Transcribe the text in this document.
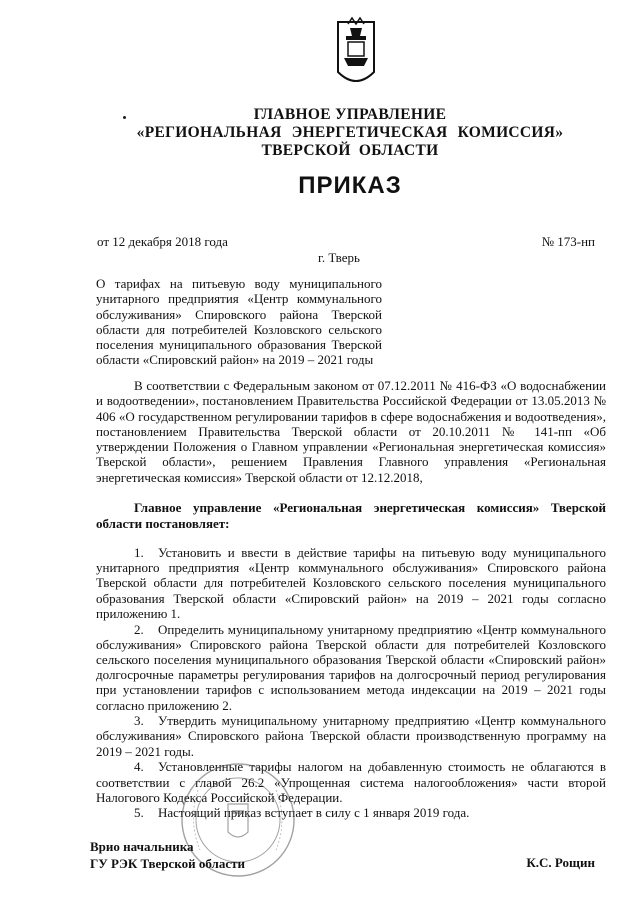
ГЛАВНОЕ УПРАВЛЕНИЕ
«РЕГИОНАЛЬНАЯ ЭНЕРГЕТИЧЕСКАЯ КОМИССИЯ»
ТВЕРСКОЙ ОБЛАСТИ
ПРИКАЗ
от 12 декабря 2018 года	№ 173-нп
г. Тверь

О тарифах на питьевую воду муниципального унитарного предприятия «Центр коммунального обслуживания» Спировского района Тверской области для потребителей Козловского сельского поселения муниципального образования Тверской области «Спировский район» на 2019 – 2021 годы

В соответствии с Федеральным законом от 07.12.2011 № 416-ФЗ «О водоснабжении и водоотведении», постановлением Правительства Российской Федерации от 13.05.2013 № 406 «О государственном регулировании тарифов в сфере водоснабжения и водоотведения», постановлением Правительства Тверской области от 20.10.2011 № 141-пп «Об утверждении Положения о Главном управлении «Региональная энергетическая комиссия» Тверской области», решением Правления Главного управления «Региональная энергетическая комиссия» Тверской области от 12.12.2018,
Главное управление «Региональная энергетическая комиссия» Тверской области постановляет:

1. Установить и ввести в действие тарифы на питьевую воду муниципального унитарного предприятия «Центр коммунального обслуживания» Спировского района Тверской области для потребителей Козловского сельского поселения муниципального образования Тверской области «Спировский район» на 2019 – 2021 годы согласно приложению 1.

2. Определить муниципальному унитарному предприятию «Центр коммунального обслуживания» Спировского района Тверской области для потребителей Козловского сельского поселения муниципального образования Тверской области «Спировский район» долгосрочные параметры регулирования тарифов на долгосрочный период регулирования при установлении тарифов с использованием метода индексации на 2019 – 2021 годы согласно приложению 2.

3. Утвердить муниципальному унитарному предприятию «Центр коммунального обслуживания» Спировского района Тверской области производственную программу на 2019 – 2021 годы.

4. Установленные тарифы налогом на добавленную стоимость не облагаются в соответствии с главой 26.2 «Упрощенная система налогообложения» части второй Налогового Кодекса Российской Федерации.

5. Настоящий приказ вступает в силу с 1 января 2019 года.

Врио начальника
ГУ РЭК Тверской области	К.С. Рощин
